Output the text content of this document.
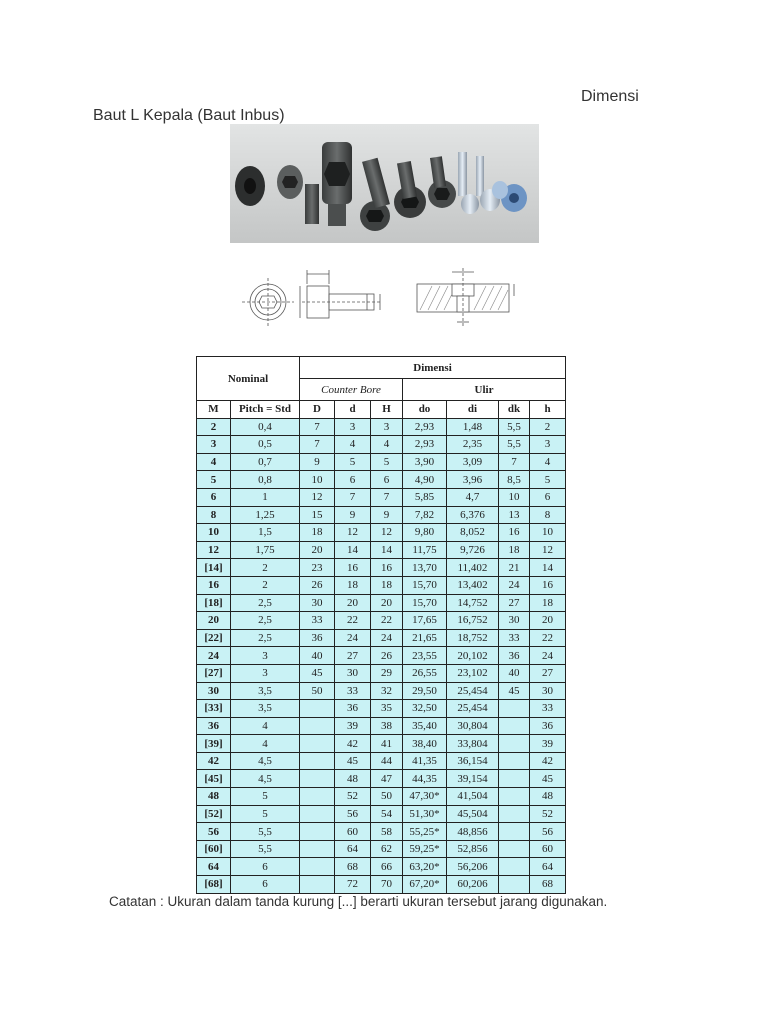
Dimensi
Baut L Kepala (Baut Inbus)
Nominal		Dimensi						
		Counter Bore			Ulir			
M	Pitch = Std	D	d	H	do	di	dk	h
2	0,4	7	3	3	2,93	1,48	5,5	2
3	0,5	7	4	4	2,93	2,35	5,5	3
4	0,7	9	5	5	3,90	3,09	7	4
5	0,8	10	6	6	4,90	3,96	8,5	5
6	1	12	7	7	5,85	4,7	10	6
8	1,25	15	9	9	7,82	6,376	13	8
10	1,5	18	12	12	9,80	8,052	16	10
12	1,75	20	14	14	11,75	9,726	18	12
[14]	2	23	16	16	13,70	11,402	21	14
16	2	26	18	18	15,70	13,402	24	16
[18]	2,5	30	20	20	15,70	14,752	27	18
20	2,5	33	22	22	17,65	16,752	30	20
[22]	2,5	36	24	24	21,65	18,752	33	22
24	3	40	27	26	23,55	20,102	36	24
[27]	3	45	30	29	26,55	23,102	40	27
30	3,5	50	33	32	29,50	25,454	45	30
[33]	3,5		36	35	32,50	25,454		33
36	4		39	38	35,40	30,804		36
[39]	4		42	41	38,40	33,804		39
42	4,5		45	44	41,35	36,154		42
[45]	4,5		48	47	44,35	39,154		45
48	5		52	50	47,30*	41,504		48
[52]	5		56	54	51,30*	45,504		52
56	5,5		60	58	55,25*	48,856		56
[60]	5,5		64	62	59,25*	52,856		60
64	6		68	66	63,20*	56,206		64
[68]	6		72	70	67,20*	60,206		68
Catatan : Ukuran dalam tanda kurung [...] berarti ukuran tersebut jarang digunakan.
